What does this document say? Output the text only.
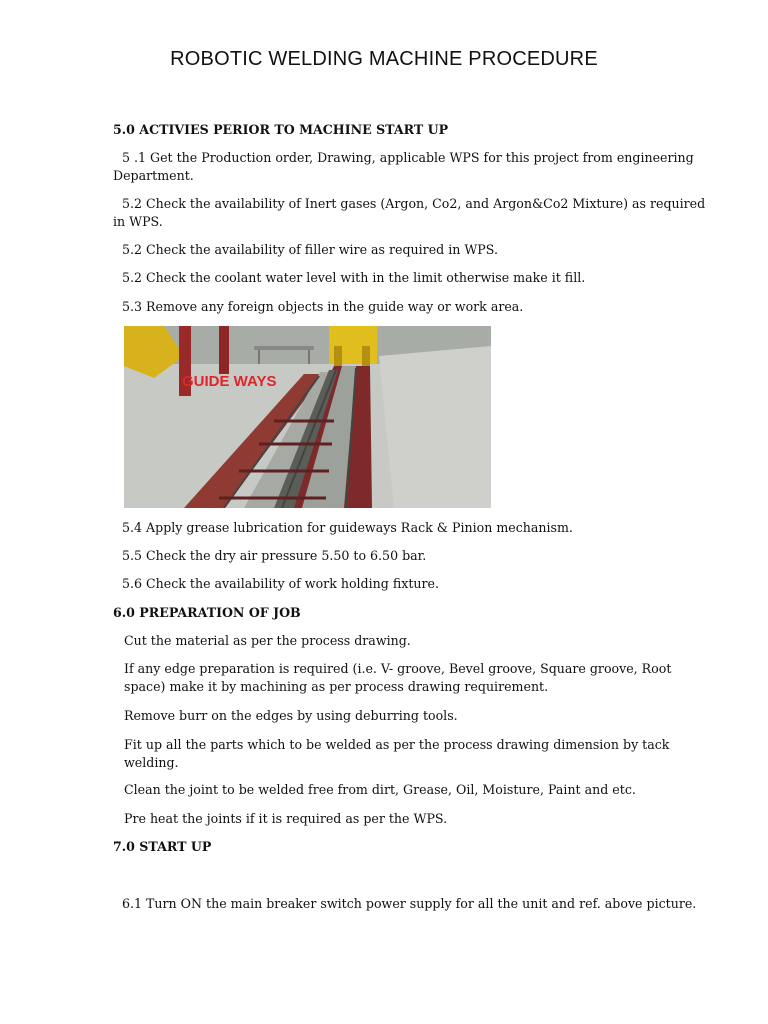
ROBOTIC WELDING MACHINE PROCEDURE
5.0 ACTIVIES PERIOR TO MACHINE START UP
5 .1 Get the Production order, Drawing, applicable WPS for this project from engineering
Department.
5.2 Check the availability of Inert gases (Argon, Co2, and Argon&Co2 Mixture) as required
in WPS.
5.2 Check the availability of filler wire as required in WPS.
5.2 Check the coolant water level with in the limit otherwise make it fill.
5.3 Remove any foreign objects in the guide way or work area.
GUIDE WAYS
5.4 Apply grease lubrication for guideways Rack & Pinion mechanism.
5.5 Check the dry air pressure 5.50 to 6.50 bar.
5.6 Check the availability of work holding fixture.
6.0 PREPARATION OF JOB
Cut the material as per the process drawing.
If any edge preparation is required (i.e. V- groove, Bevel groove, Square groove, Root
space) make it by machining as per process drawing requirement.
Remove burr on the edges by using deburring tools.
Fit up all the parts which to be welded as per the process drawing dimension by tack
welding.
Clean the joint to be welded free from dirt, Grease, Oil, Moisture, Paint and etc.
Pre heat the joints if it is required as per the WPS.
7.0 START UP
6.1 Turn ON the main breaker switch power supply for all the unit and ref. above picture.
